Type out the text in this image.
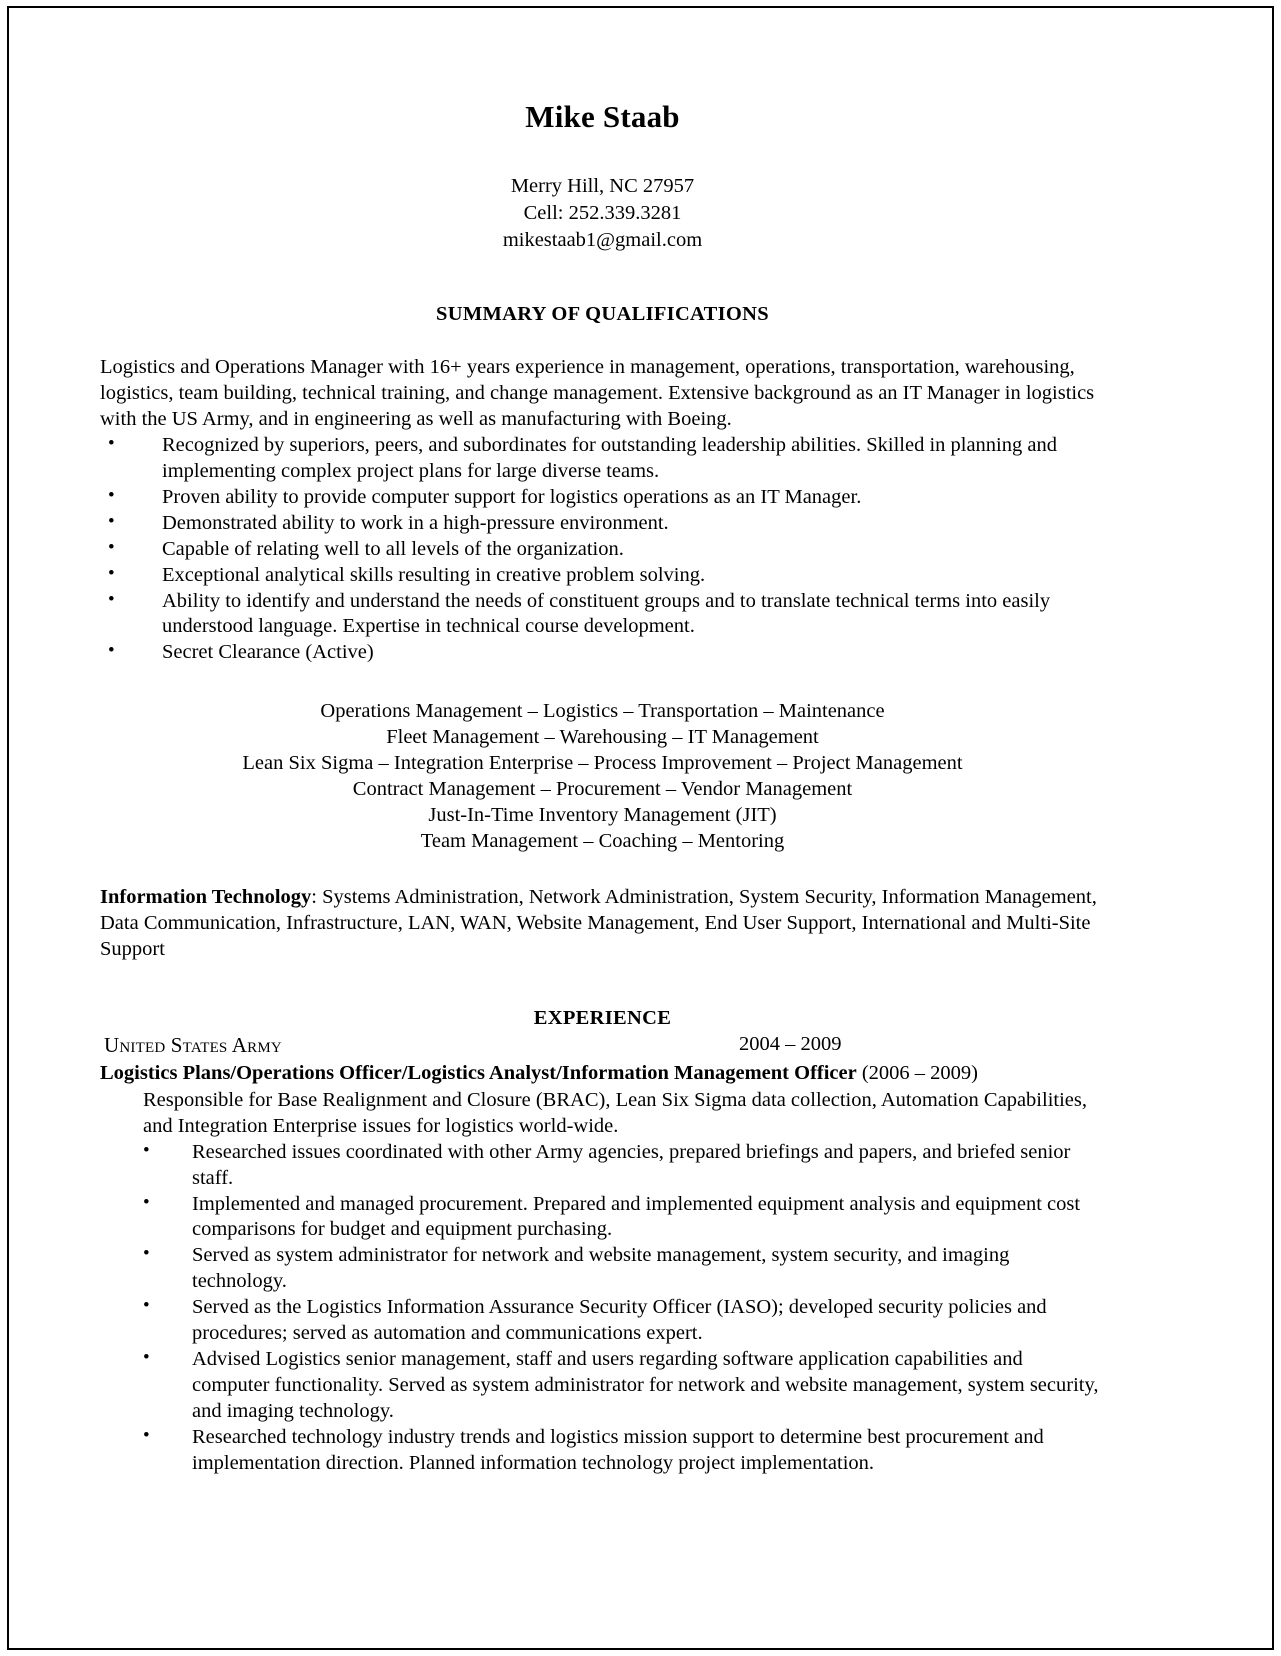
Mike Staab
Merry Hill, NC 27957
Cell: 252.339.3281
mikestaab1@gmail.com
SUMMARY OF QUALIFICATIONS
Logistics and Operations Manager with 16+ years experience in management, operations, transportation, warehousing, logistics, team building, technical training, and change management. Extensive background as an IT Manager in logistics with the US Army, and in engineering as well as manufacturing with Boeing.
• Recognized by superiors, peers, and subordinates for outstanding leadership abilities. Skilled in planning and implementing complex project plans for large diverse teams.
• Proven ability to provide computer support for logistics operations as an IT Manager.
• Demonstrated ability to work in a high-pressure environment.
• Capable of relating well to all levels of the organization.
• Exceptional analytical skills resulting in creative problem solving.
• Ability to identify and understand the needs of constituent groups and to translate technical terms into easily understood language. Expertise in technical course development.
• Secret Clearance (Active)
Operations Management – Logistics – Transportation – Maintenance
Fleet Management – Warehousing – IT Management
Lean Six Sigma – Integration Enterprise – Process Improvement – Project Management
Contract Management – Procurement – Vendor Management
Just-In-Time Inventory Management (JIT)
Team Management – Coaching – Mentoring
Information Technology: Systems Administration, Network Administration, System Security, Information Management, Data Communication, Infrastructure, LAN, WAN, Website Management, End User Support, International and Multi-Site Support
EXPERIENCE
United States Army	2004 – 2009
Logistics Plans/Operations Officer/Logistics Analyst/Information Management Officer (2006 – 2009)
Responsible for Base Realignment and Closure (BRAC), Lean Six Sigma data collection, Automation Capabilities, and Integration Enterprise issues for logistics world-wide.
• Researched issues coordinated with other Army agencies, prepared briefings and papers, and briefed senior staff.
• Implemented and managed procurement. Prepared and implemented equipment analysis and equipment cost comparisons for budget and equipment purchasing.
• Served as system administrator for network and website management, system security, and imaging technology.
• Served as the Logistics Information Assurance Security Officer (IASO); developed security policies and procedures; served as automation and communications expert.
• Advised Logistics senior management, staff and users regarding software application capabilities and computer functionality. Served as system administrator for network and website management, system security, and imaging technology.
• Researched technology industry trends and logistics mission support to determine best procurement and implementation direction. Planned information technology project implementation.
